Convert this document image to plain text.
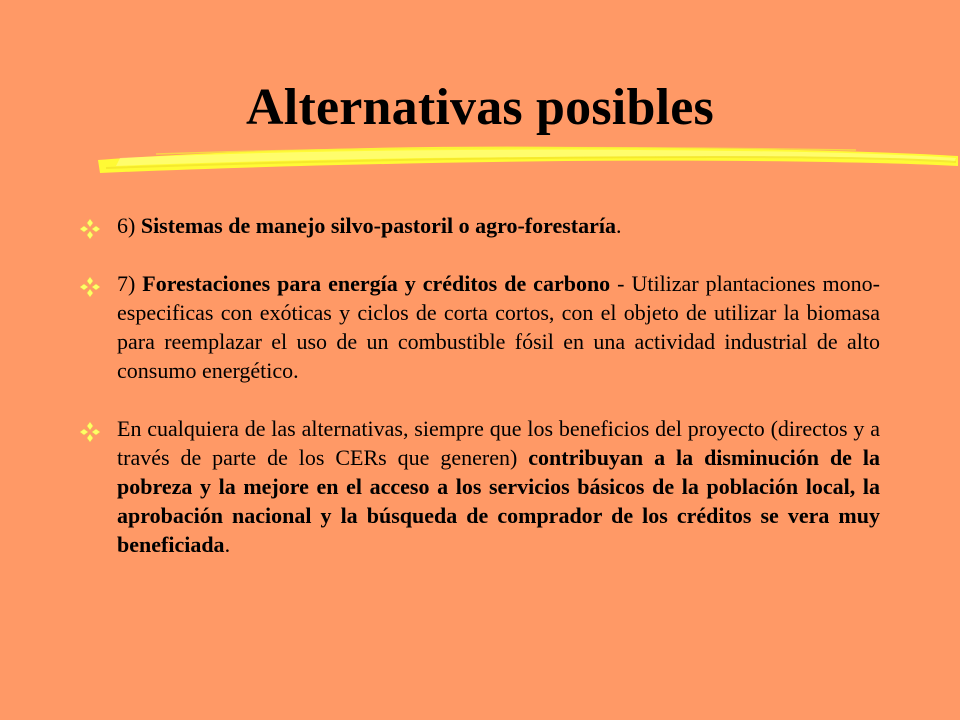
Alternativas posibles
6) Sistemas de manejo silvo-pastoril o agro-forestaría.
7) Forestaciones para energía y créditos de carbono - Utilizar plantaciones mono-especificas con exóticas y ciclos de corta cortos, con el objeto de utilizar la biomasa para reemplazar el uso de un combustible fósil en una actividad industrial de alto consumo energético.
En cualquiera de las alternativas, siempre que los beneficios del proyecto (directos y a través de parte de los CERs que generen) contribuyan a la disminución de la pobreza y la mejore en el acceso a los servicios básicos de la población local, la aprobación nacional y la búsqueda de comprador de los créditos se vera muy beneficiada.
